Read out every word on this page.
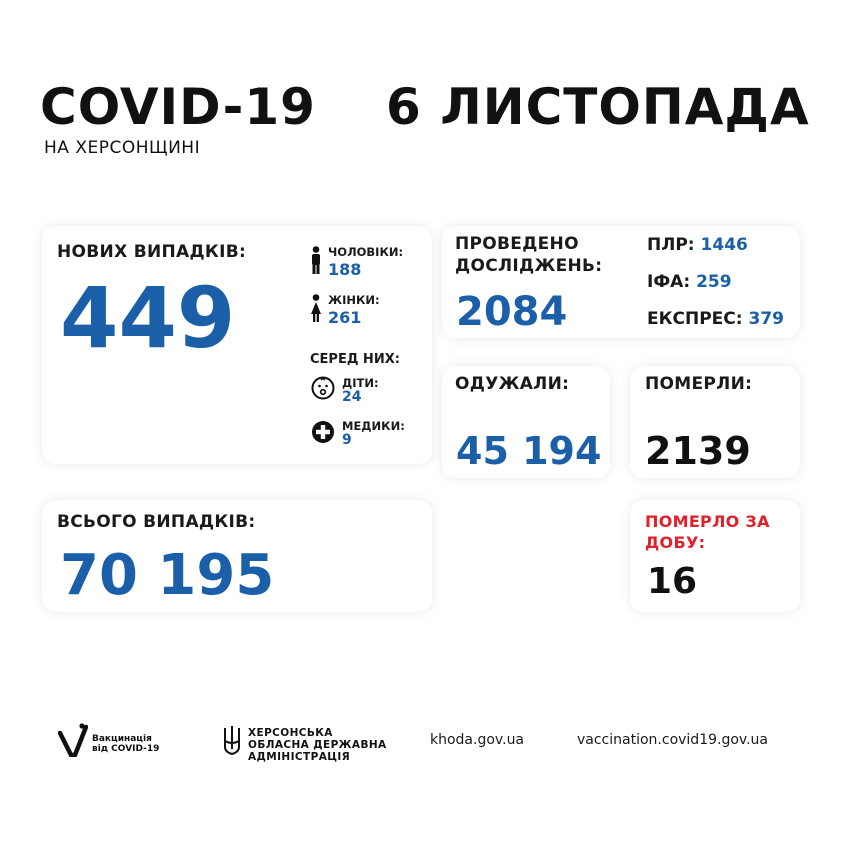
COVID-19 6 ЛИСТОПАДА
НА ХЕРСОНЩИНІ
НОВИХ ВИПАДКІВ:
449
ЧОЛОВІКИ:
188
ЖІНКИ:
261
СЕРЕД НИХ:
ДІТИ:
24
МЕДИКИ:
9
ПРОВЕДЕНО
ДОСЛІДЖЕНЬ:
2084
ПЛР: 1446
ІФА: 259
ЕКСПРЕС: 379
ОДУЖАЛИ:
45 194
ПОМЕРЛИ:
2139
ВСЬОГО ВИПАДКІВ:
70 195
ПОМЕРЛО ЗА
ДОБУ:
16
Вакцинація
від COVID-19
ХЕРСОНСЬКА
ОБЛАСНА ДЕРЖАВНА
АДМІНІСТРАЦІЯ
khoda.gov.ua	vaccination.covid19.gov.ua
